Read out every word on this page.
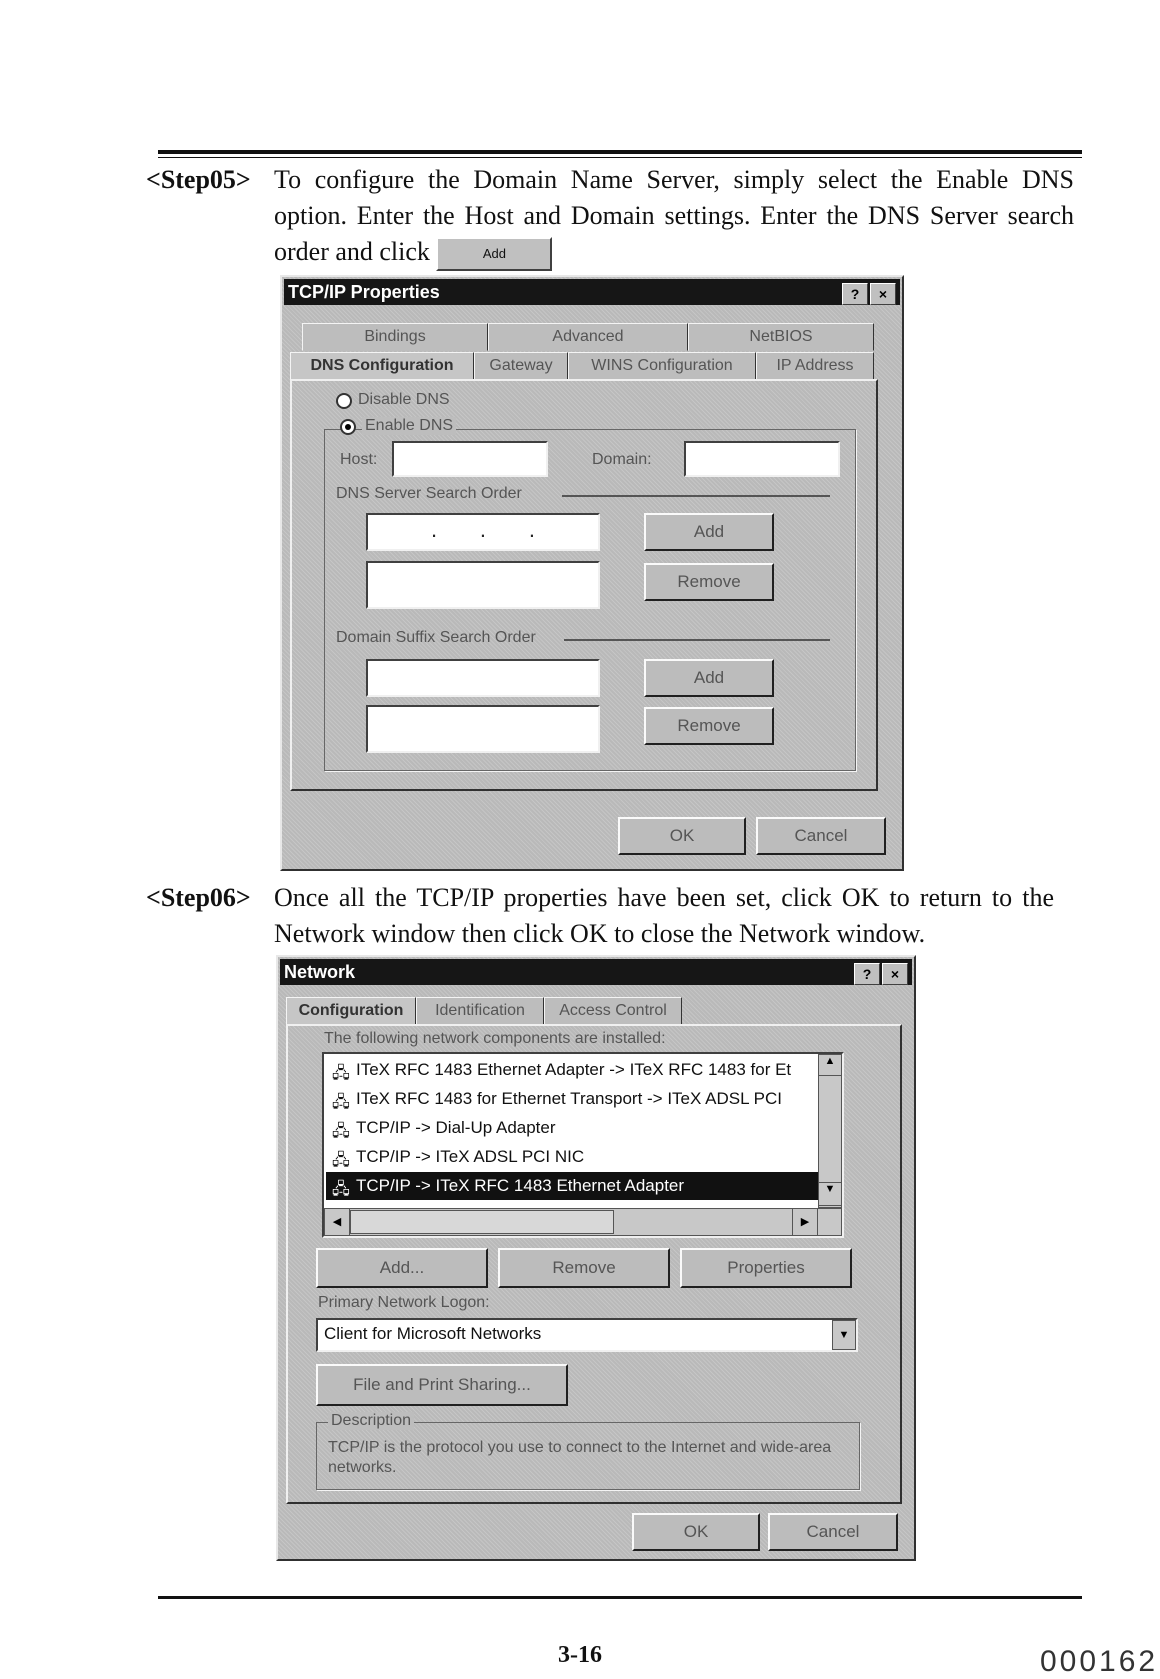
<Step05> To configure the Domain Name Server, simply select the Enable DNS option. Enter the Host and Domain settings. Enter the DNS Server search order and click	Add
TCP/IP Properties	?	×
Bindings	Advanced	NetBIOS
DNS Configuration	Gateway	WINS Configuration	IP Address
Disable DNS
Enable DNS
Host:	Domain:
DNS Server Search Order
.       .       .	Add
Remove
Domain Suffix Search Order
Add
Remove
OK	Cancel
<Step06> Once all the TCP/IP properties have been set, click OK to return to the Network window then click OK to close the Network window.
Network	?	×
Configuration	Identification	Access Control
The following network components are installed:
🖧 ITeX RFC 1483 Ethernet Adapter -> ITeX RFC 1483 for Et
🖧 ITeX RFC 1483 for Ethernet Transport -> ITeX ADSL PCI
🖧 TCP/IP -> Dial-Up Adapter
🖧 TCP/IP -> ITeX ADSL PCI NIC
🖧 TCP/IP -> ITeX RFC 1483 Ethernet Adapter
▲
▼
◀	▶
Add...	Remove	Properties
Primary Network Logon:
Client for Microsoft Networks	▼
File and Print Sharing...
Description
TCP/IP is the protocol you use to connect to the Internet and wide-area networks.
OK	Cancel
3-16	000162
